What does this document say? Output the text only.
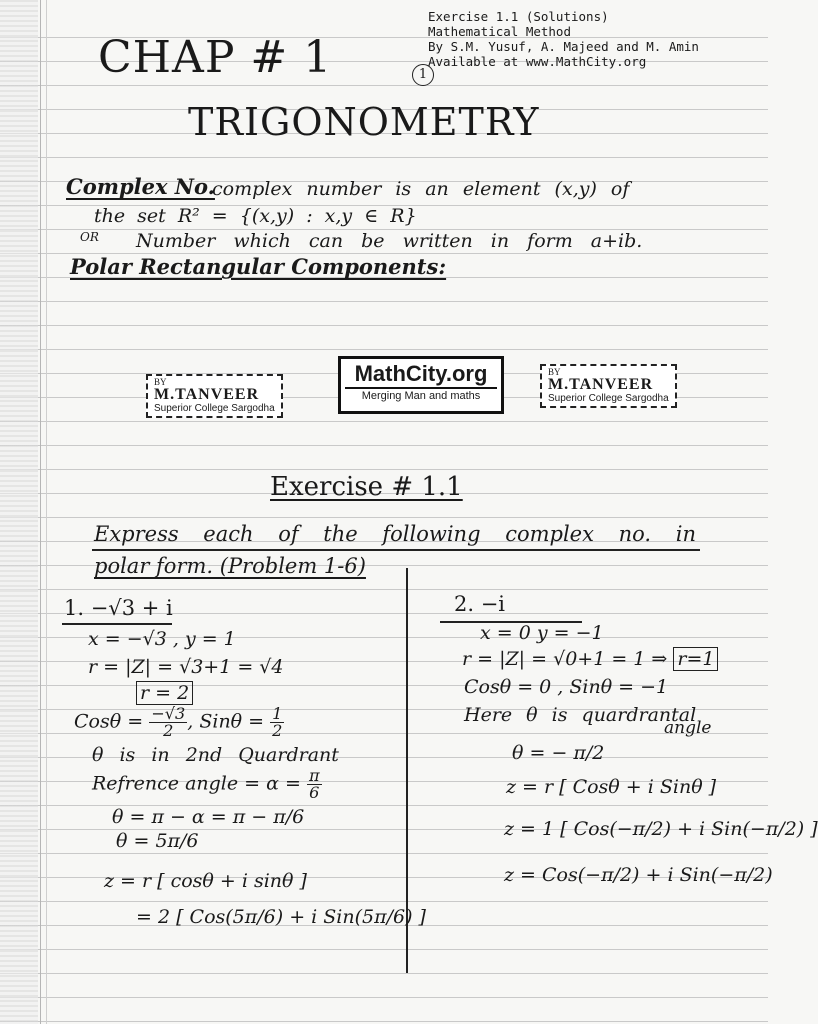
Exercise 1.1 (Solutions)
Mathematical Method
By S.M. Yusuf, A. Majeed and M. Amin
Available at www.MathCity.org
CHAP # 1	1
TRIGONOMETRY
Complex No.
complex number is an element (x,y) of
the set R² = {(x,y) : x,y ∈ R}
OR Number which can be written in form a+ib.
Polar Rectangular Components:
BY
M.TANVEER
Superior College Sargodha
MathCity.org
Merging Man and maths
BY
M.TANVEER
Superior College Sargodha
Exercise # 1.1
Express each of the following complex no. in
polar form. (Problem 1-6)
1. −√3 + i
x = −√3 , y = 1
r = |Z| = √3+1 = √4
r = 2
$Cos\theta = \frac{-√3}{2}$ , $Sin\theta = \frac{1}{2}$
θ is in 2nd Quardrant
Refrence angle = $\alpha = \frac{\pi}{6}$
θ = π − α = π − π/6
θ = 5π/6
z = r [ cosθ + i sinθ ]
= 2 [ Cos(5π/6) + i Sin(5π/6) ]
2. −i
x = 0 y = −1
r = |Z| = √0+1 = 1 ⇒ r=1
Cosθ = 0 , Sinθ = −1
Here θ is quardrantal
angle
θ = − π/2
z = r [ Cosθ + i Sinθ ]
z = 1 [ Cos(−π/2) + i Sin(−π/2) ]
z = Cos(−π/2) + i Sin(−π/2)
